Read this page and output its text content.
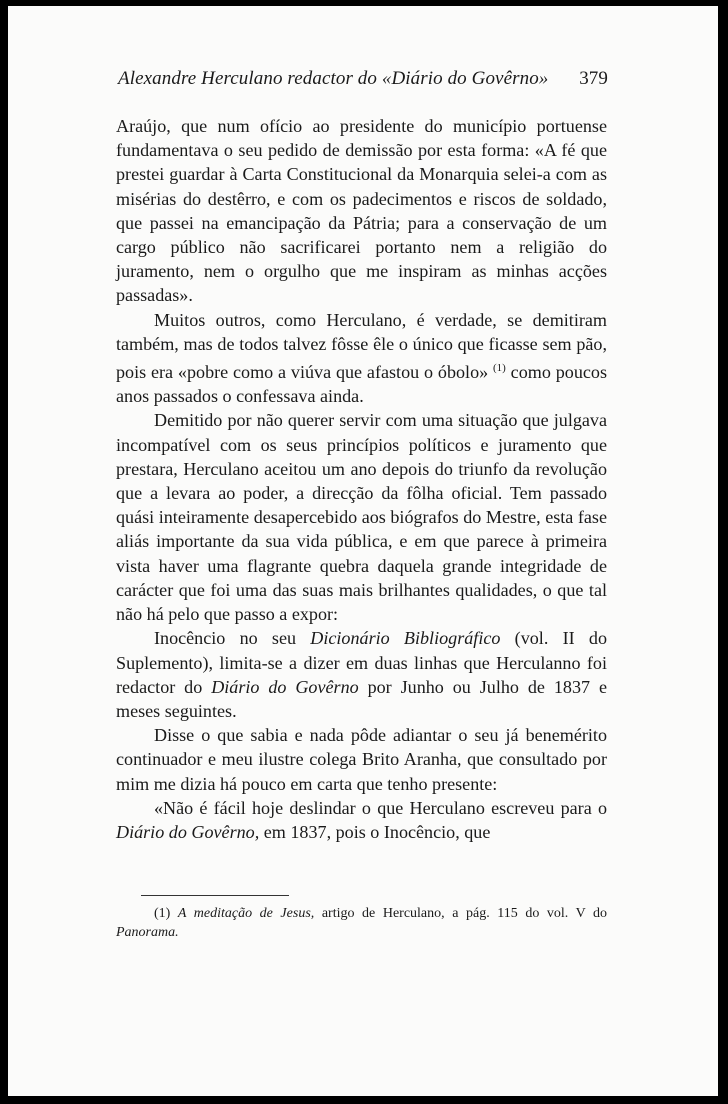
Alexandre Herculano redactor do «Diário do Govêrno» 379

Araújo, que num ofício ao presidente do município portuense fundamentava o seu pedido de demissão por esta forma: «A fé que prestei guardar à Carta Constitucional da Monarquia selei-a com as misérias do destêrro, e com os padecimentos e riscos de soldado, que passei na emancipação da Pátria; para a conservação de um cargo público não sacrificarei portanto nem a religião do juramento, nem o orgulho que me inspiram as minhas acções passadas».

Muitos outros, como Herculano, é verdade, se demitiram também, mas de todos talvez fôsse êle o único que ficasse sem pão, pois era «pobre como a viúva que afastou o óbolo» $^{(1)}$ como poucos anos passados o confessava ainda.

Demitido por não querer servir com uma situação que julgava incompatível com os seus princípios políticos e juramento que prestara, Herculano aceitou um ano depois do triunfo da revolução que a levara ao poder, a direcção da fôlha oficial. Tem passado quási inteiramente desapercebido aos biógrafos do Mestre, esta fase aliás importante da sua vida pública, e em que parece à primeira vista haver uma flagrante quebra daquela grande integridade de carácter que foi uma das suas mais brilhantes qualidades, o que tal não há pelo que passo a expor:

Inocêncio no seu Dicionário Bibliográfico (vol. II do Suplemento), limita-se a dizer em duas linhas que Herculanno foi redactor do Diário do Govêrno por Junho ou Julho de 1837 e meses seguintes.

Disse o que sabia e nada pôde adiantar o seu já benemérito continuador e meu ilustre colega Brito Aranha, que consultado por mim me dizia há pouco em carta que tenho presente:

«Não é fácil hoje deslindar o que Herculano escreveu para o Diário do Govêrno, em 1837, pois o Inocêncio, que

(1) A meditação de Jesus, artigo de Herculano, a pág. 115 do vol. V do Panorama.
